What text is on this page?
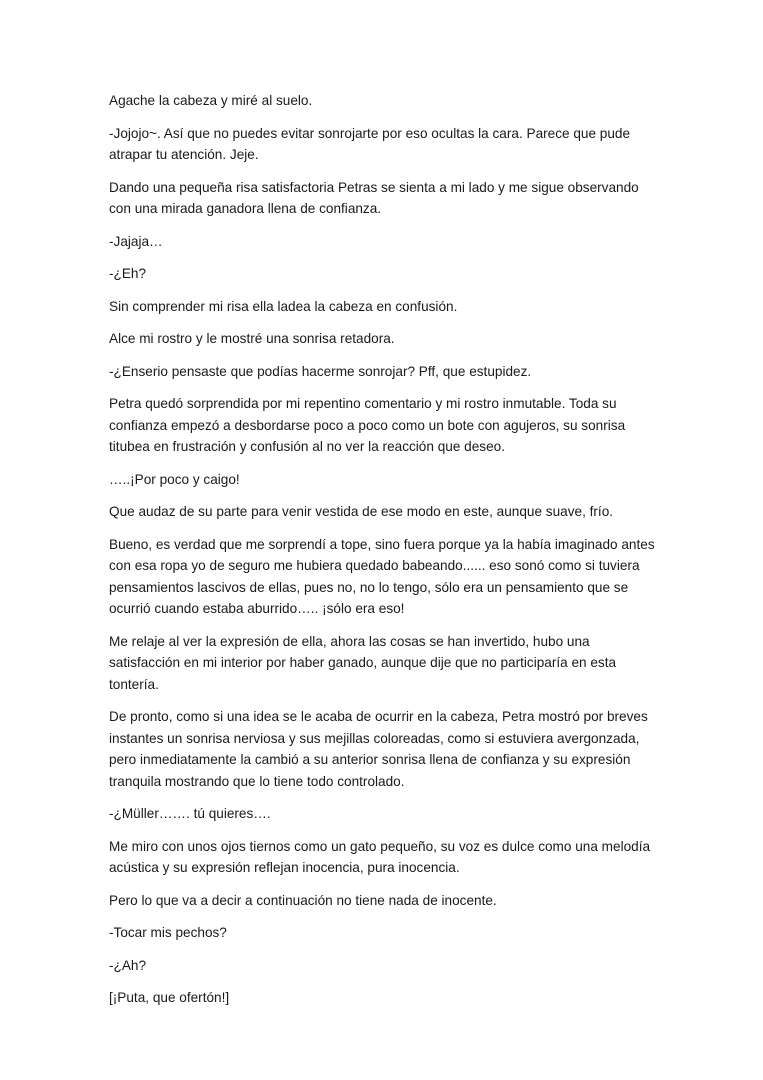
Agache la cabeza y miré al suelo.

-Jojojo~. Así que no puedes evitar sonrojarte por eso ocultas la cara. Parece que pude atrapar tu atención. Jeje.

Dando una pequeña risa satisfactoria Petras se sienta a mi lado y me sigue observando con una mirada ganadora llena de confianza.

-Jajaja…

-¿Eh?

Sin comprender mi risa ella ladea la cabeza en confusión.

Alce mi rostro y le mostré una sonrisa retadora.

-¿Enserio pensaste que podías hacerme sonrojar? Pff, que estupidez.

Petra quedó sorprendida por mi repentino comentario y mi rostro inmutable. Toda su confianza empezó a desbordarse poco a poco como un bote con agujeros, su sonrisa titubea en frustración y confusión al no ver la reacción que deseo.

…..¡Por poco y caigo!

Que audaz de su parte para venir vestida de ese modo en este, aunque suave, frío.

Bueno, es verdad que me sorprendí a tope, sino fuera porque ya la había imaginado antes con esa ropa yo de seguro me hubiera quedado babeando...... eso sonó como si tuviera pensamientos lascivos de ellas, pues no, no lo tengo, sólo era un pensamiento que se ocurrió cuando estaba aburrido….. ¡sólo era eso!

Me relaje al ver la expresión de ella, ahora las cosas se han invertido, hubo una satisfacción en mi interior por haber ganado, aunque dije que no participaría en esta tontería.

De pronto, como si una idea se le acaba de ocurrir en la cabeza, Petra mostró por breves instantes un sonrisa nerviosa y sus mejillas coloreadas, como si estuviera avergonzada, pero inmediatamente la cambió a su anterior sonrisa llena de confianza y su expresión tranquila mostrando que lo tiene todo controlado.

-¿Müller……. tú quieres….

Me miro con unos ojos tiernos como un gato pequeño, su voz es dulce como una melodía acústica y su expresión reflejan inocencia, pura inocencia.

Pero lo que va a decir a continuación no tiene nada de inocente.

-Tocar mis pechos?

-¿Ah?

[¡Puta, que ofertón!]
